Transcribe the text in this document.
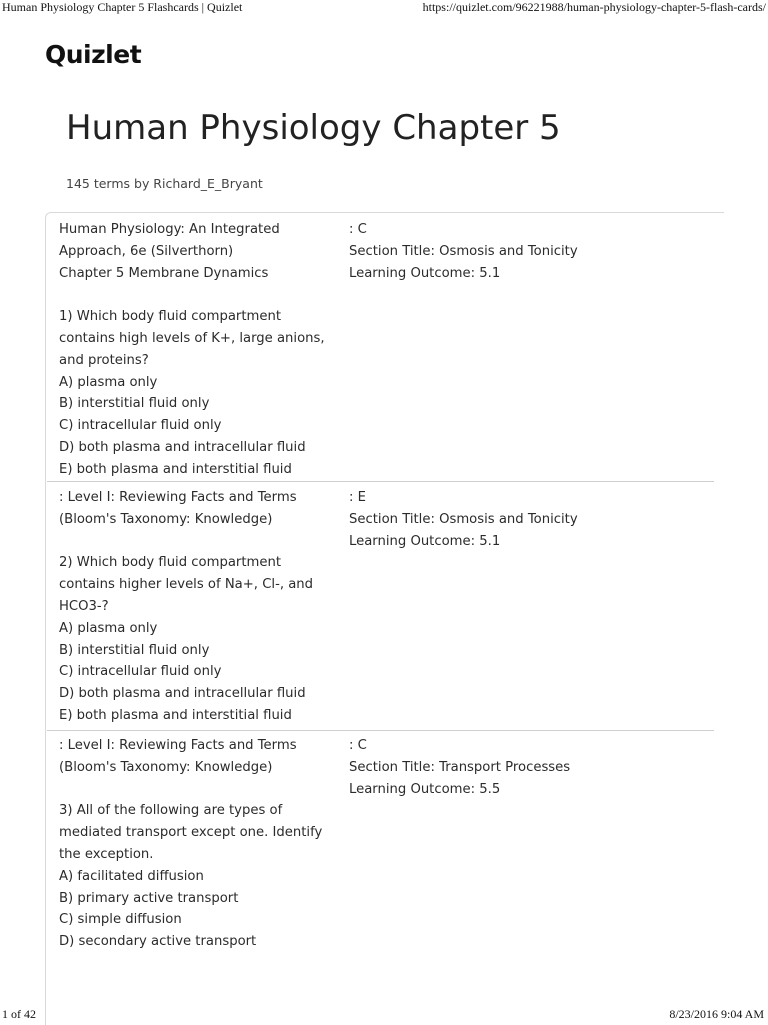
Human Physiology Chapter 5 Flashcards | Quizlet	https://quizlet.com/96221988/human-physiology-chapter-5-flash-cards/
Quizlet
Human Physiology Chapter 5
145 terms by Richard_E_Bryant
Human Physiology: An Integrated
Approach, 6e (Silverthorn)
Chapter 5 Membrane Dynamics

1) Which body fluid compartment
contains high levels of K+, large anions,
and proteins?
A) plasma only
B) interstitial fluid only
C) intracellular fluid only
D) both plasma and intracellular fluid
E) both plasma and interstitial fluid
: C
Section Title: Osmosis and Tonicity
Learning Outcome: 5.1
: Level I: Reviewing Facts and Terms
(Bloom's Taxonomy: Knowledge)

2) Which body fluid compartment
contains higher levels of Na+, Cl-, and
HCO3-?
A) plasma only
B) interstitial fluid only
C) intracellular fluid only
D) both plasma and intracellular fluid
E) both plasma and interstitial fluid
: E
Section Title: Osmosis and Tonicity
Learning Outcome: 5.1
: Level I: Reviewing Facts and Terms
(Bloom's Taxonomy: Knowledge)

3) All of the following are types of
mediated transport except one. Identify
the exception.
A) facilitated diffusion
B) primary active transport
C) simple diffusion
D) secondary active transport
: C
Section Title: Transport Processes
Learning Outcome: 5.5
1 of 42	8/23/2016 9:04 AM
